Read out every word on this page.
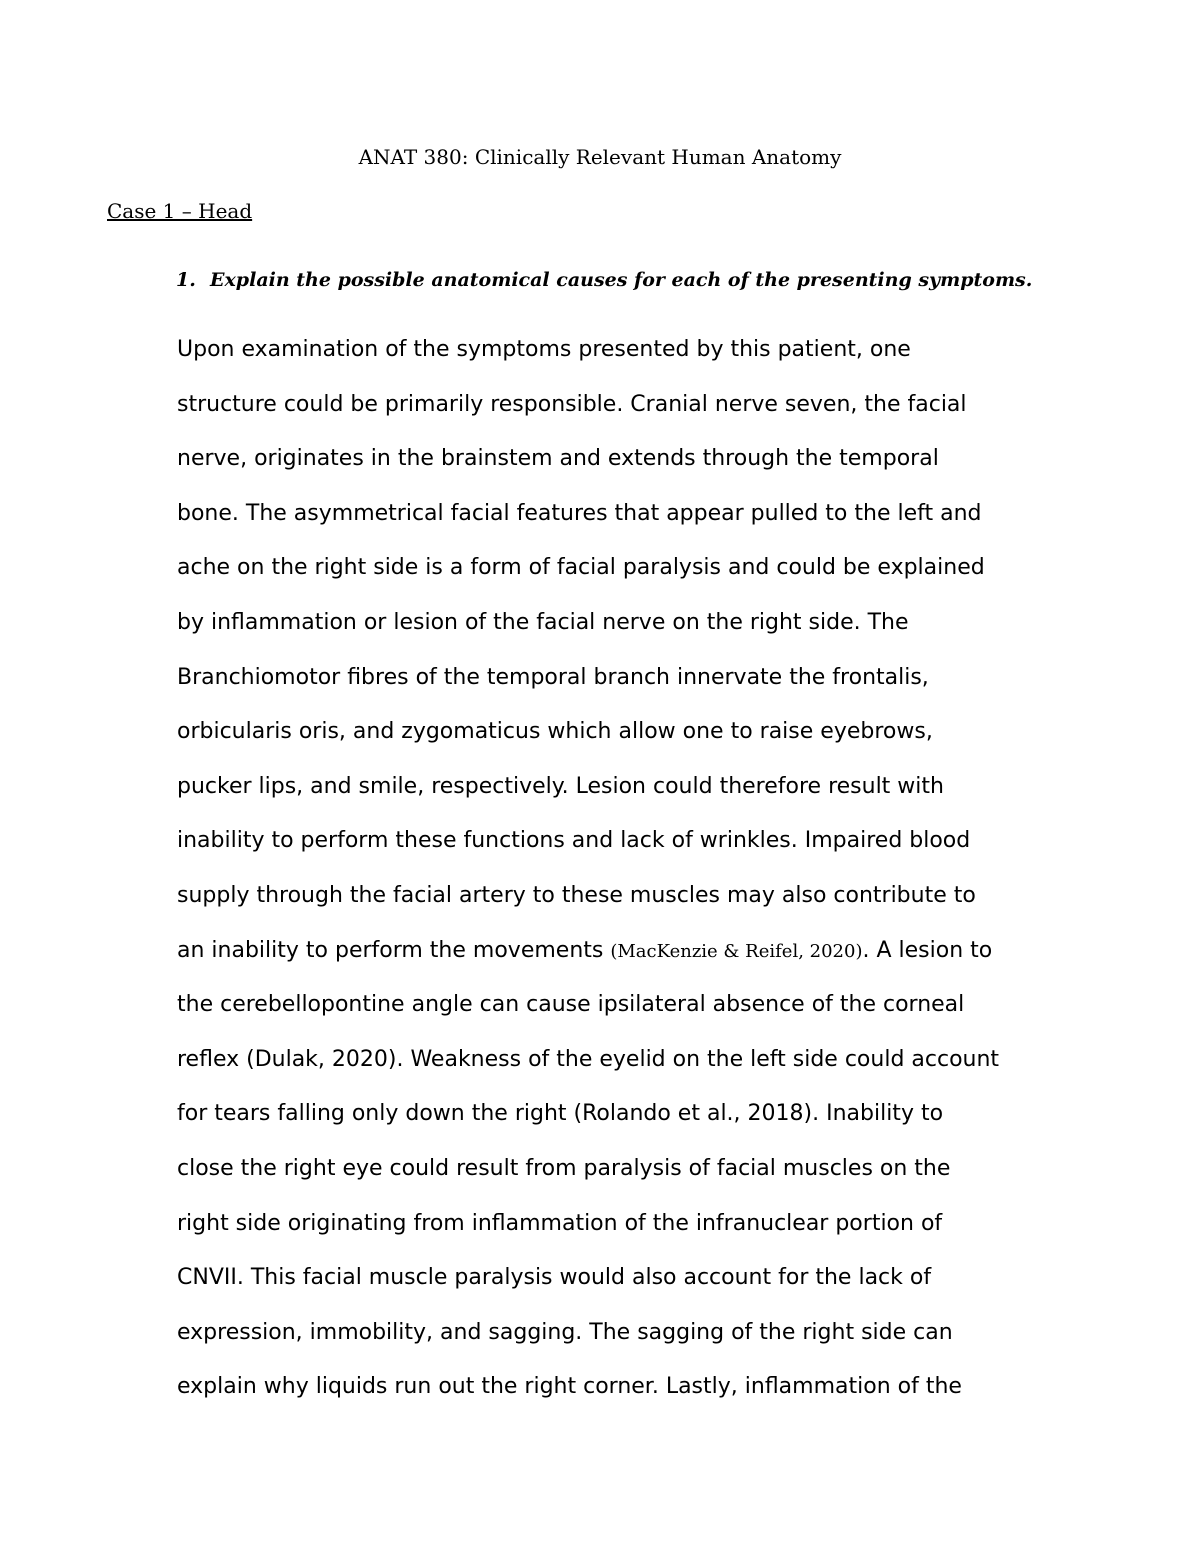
ANAT 380: Clinically Relevant Human Anatomy
Case 1 – Head

1. Explain the possible anatomical causes for each of the presenting symptoms.

Upon examination of the symptoms presented by this patient, one
structure could be primarily responsible. Cranial nerve seven, the facial
nerve, originates in the brainstem and extends through the temporal
bone. The asymmetrical facial features that appear pulled to the left and
ache on the right side is a form of facial paralysis and could be explained
by inflammation or lesion of the facial nerve on the right side. The
Branchiomotor fibres of the temporal branch innervate the frontalis,
orbicularis oris, and zygomaticus which allow one to raise eyebrows,
pucker lips, and smile, respectively. Lesion could therefore result with
inability to perform these functions and lack of wrinkles. Impaired blood
supply through the facial artery to these muscles may also contribute to
an inability to perform the movements (MacKenzie & Reifel, 2020). A lesion to
the cerebellopontine angle can cause ipsilateral absence of the corneal
reflex (Dulak, 2020). Weakness of the eyelid on the left side could account
for tears falling only down the right (Rolando et al., 2018). Inability to
close the right eye could result from paralysis of facial muscles on the
right side originating from inflammation of the infranuclear portion of
CNVII. This facial muscle paralysis would also account for the lack of
expression, immobility, and sagging. The sagging of the right side can
explain why liquids run out the right corner. Lastly, inflammation of the
